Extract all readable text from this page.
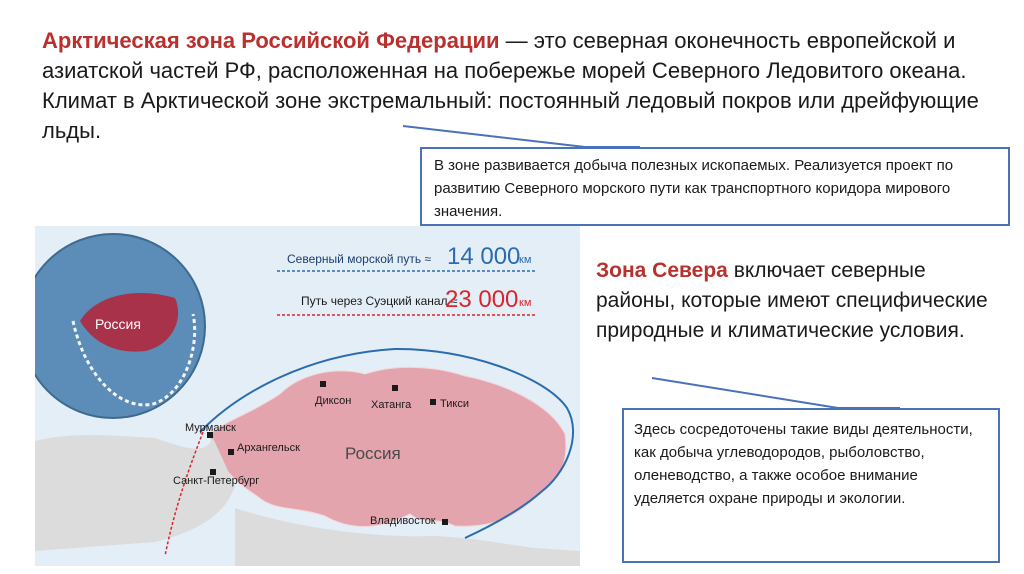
Арктическая зона Российской Федерации — это северная оконечность европейской и азиатской частей РФ, расположенная на побережье морей Северного Ледовитого океана. Климат в Арктической зоне экстремальный: постоянный ледовый покров или дрейфующие льды.

В зоне развивается добыча полезных ископаемых. Реализуется проект по развитию Северного морского пути как транспортного коридора мирового значения.
Россия
Северный морской путь ≈ 14 000
км
Путь через Суэцкий канал ≈
23 000 км
Россия
Мурманск
Архангельск
Санкт-Петербург
Диксон Хатанга	Тикси
Владивосток

Зона Севера включает северные районы, которые имеют специфические природные и климатические условия.

Здесь сосредоточены такие виды деятельности, как добыча углеводородов, рыболовство, оленеводство, а также особое внимание уделяется охране природы и экологии.
